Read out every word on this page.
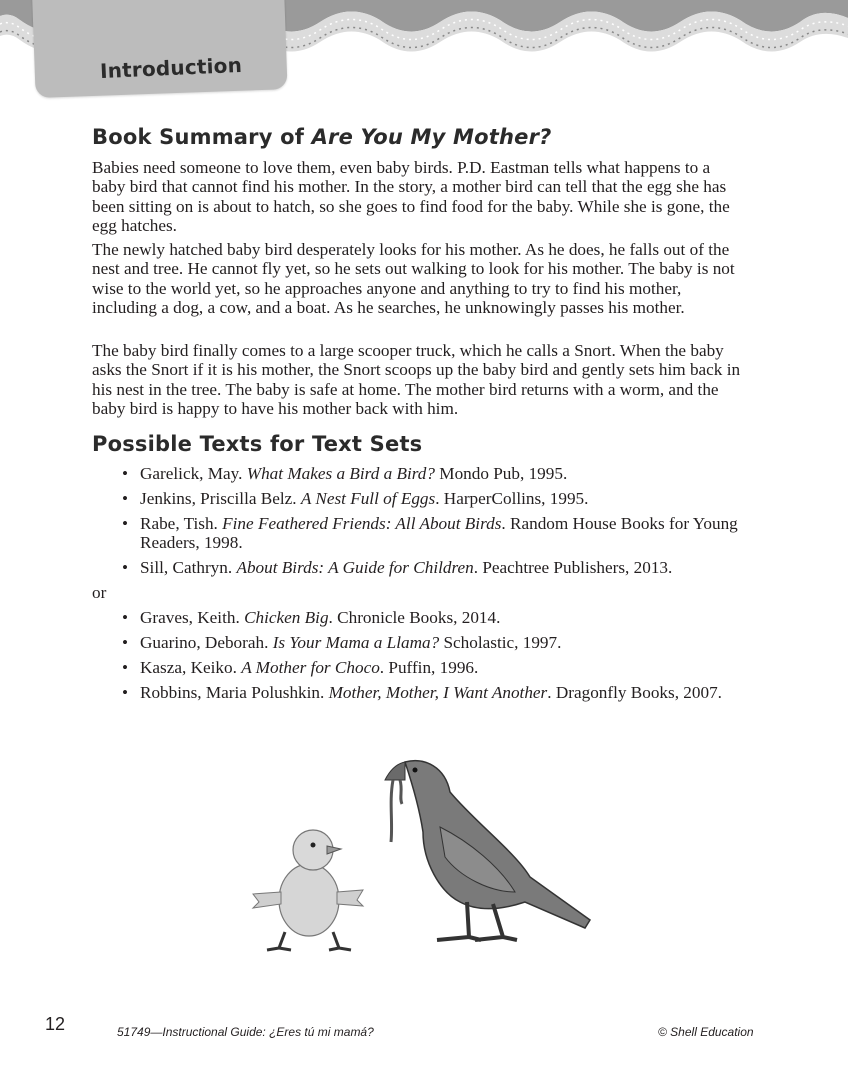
Introduction
Book Summary of Are You My Mother?

Babies need someone to love them, even baby birds. P.D. Eastman tells what happens to a baby bird that cannot find his mother. In the story, a mother bird can tell that the egg she has been sitting on is about to hatch, so she goes to find food for the baby. While she is gone, the egg hatches.

The newly hatched baby bird desperately looks for his mother. As he does, he falls out of the nest and tree. He cannot fly yet, so he sets out walking to look for his mother. The baby is not wise to the world yet, so he approaches anyone and anything to try to find his mother, including a dog, a cow, and a boat. As he searches, he unknowingly passes his mother.

The baby bird finally comes to a large scooper truck, which he calls a Snort. When the baby asks the Snort if it is his mother, the Snort scoops up the baby bird and gently sets him back in his nest in the tree. The baby is safe at home. The mother bird returns with a worm, and the baby bird is happy to have his mother back with him.

Possible Texts for Text Sets
• Garelick, May. What Makes a Bird a Bird? Mondo Pub, 1995.
• Jenkins, Priscilla Belz. A Nest Full of Eggs. HarperCollins, 1995.
• Rabe, Tish. Fine Feathered Friends: All About Birds. Random House Books for Young Readers, 1998.
• Sill, Cathryn. About Birds: A Guide for Children. Peachtree Publishers, 2013.
or
• Graves, Keith. Chicken Big. Chronicle Books, 2014.
• Guarino, Deborah. Is Your Mama a Llama? Scholastic, 1997.
• Kasza, Keiko. A Mother for Choco. Puffin, 1996.
• Robbins, Maria Polushkin. Mother, Mother, I Want Another. Dragonfly Books, 2007.
12	51749—Instructional Guide: ¿Eres tú mi mamá?	© Shell Education
